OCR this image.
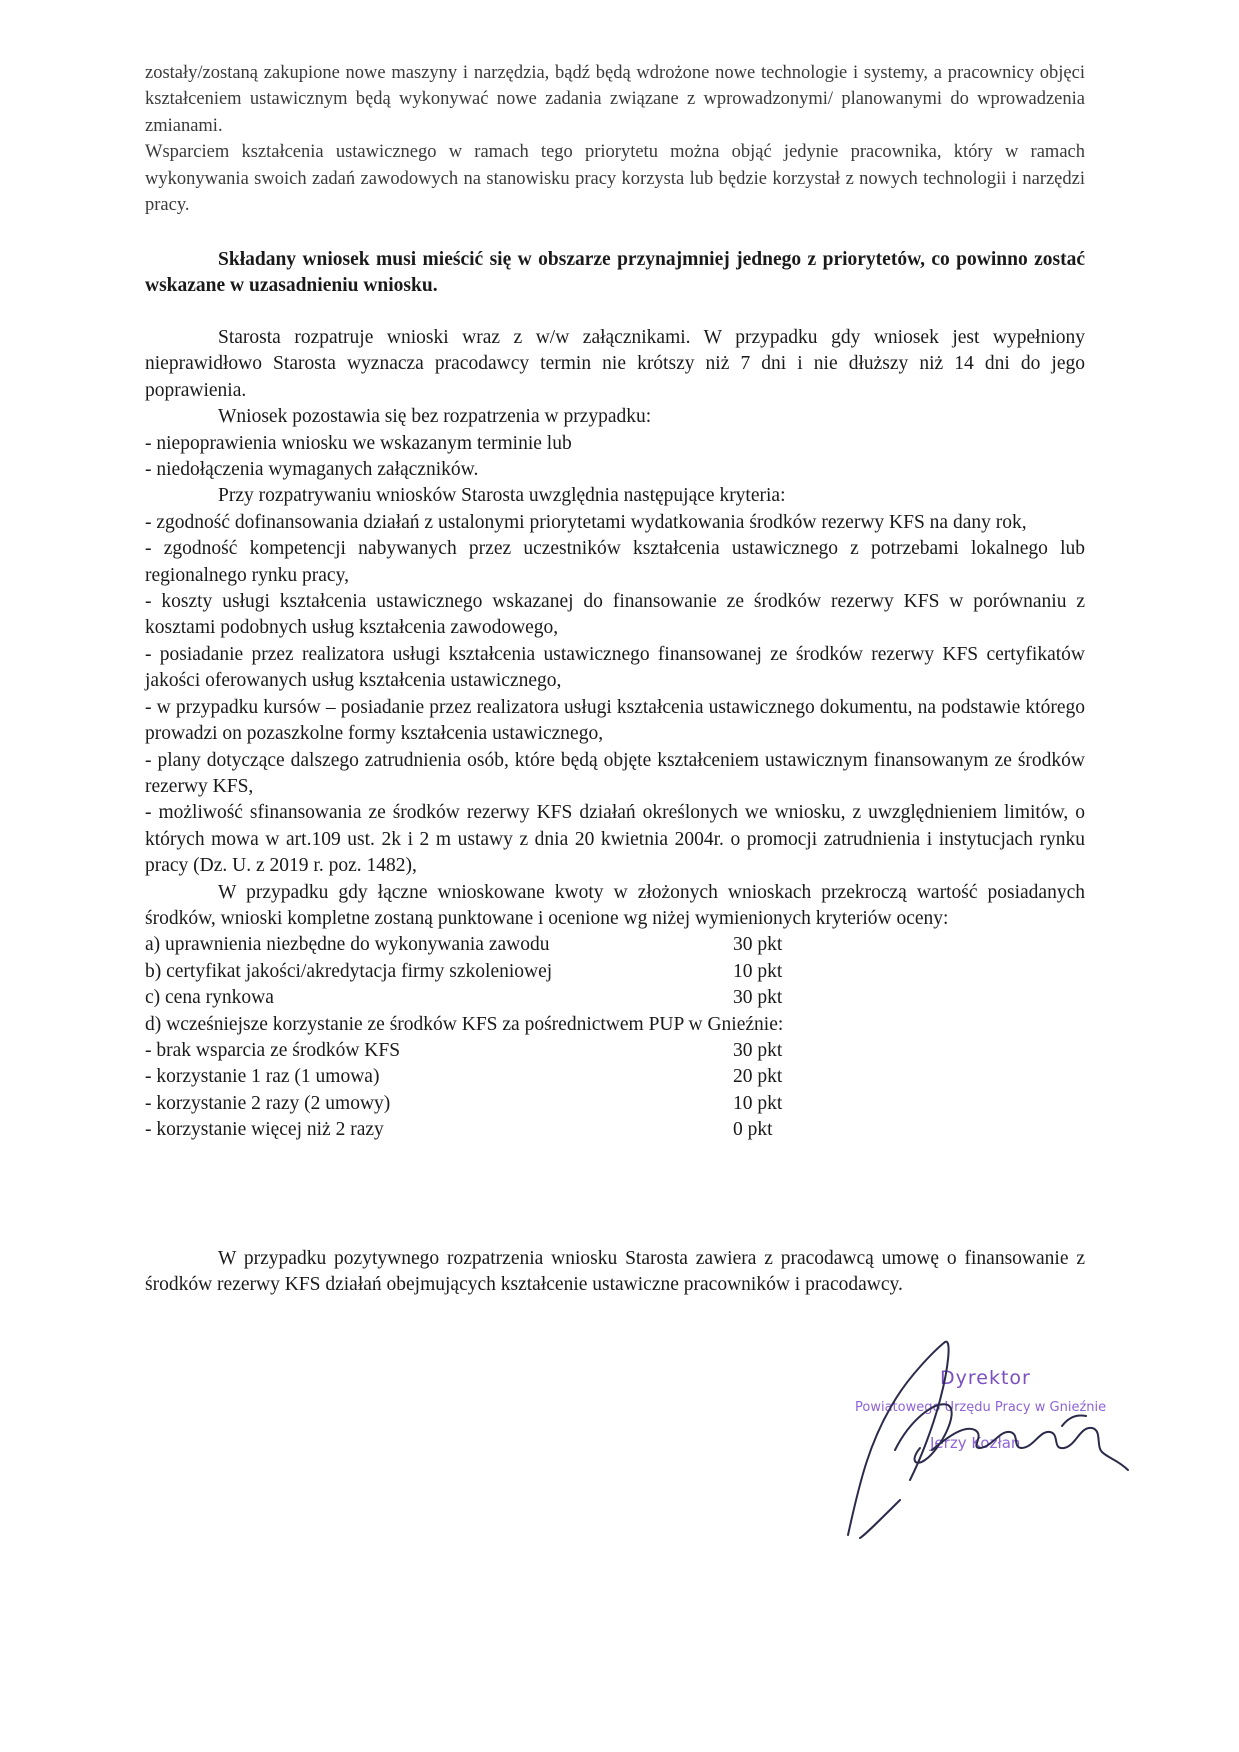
zostały/zostaną zakupione nowe maszyny i narzędzia, bądź będą wdrożone nowe technologie i systemy, a pracownicy objęci kształceniem ustawicznym będą wykonywać nowe zadania związane z wprowadzonymi/ planowanymi do wprowadzenia zmianami.

Wsparciem kształcenia ustawicznego w ramach tego priorytetu można objąć jedynie pracownika, który w ramach wykonywania swoich zadań zawodowych na stanowisku pracy korzysta lub będzie korzystał z nowych technologii i narzędzi pracy.

Składany wniosek musi mieścić się w obszarze przynajmniej jednego z priorytetów, co powinno zostać wskazane w uzasadnieniu wniosku.

Starosta rozpatruje wnioski wraz z w/w załącznikami. W przypadku gdy wniosek jest wypełniony nieprawidłowo Starosta wyznacza pracodawcy termin nie krótszy niż 7 dni i nie dłuższy niż 14 dni do jego poprawienia.

Wniosek pozostawia się bez rozpatrzenia w przypadku:

- niepoprawienia wniosku we wskazanym terminie lub

- niedołączenia wymaganych załączników.

Przy rozpatrywaniu wniosków Starosta uwzględnia następujące kryteria:

- zgodność dofinansowania działań z ustalonymi priorytetami wydatkowania środków rezerwy KFS na dany rok,

- zgodność kompetencji nabywanych przez uczestników kształcenia ustawicznego z potrzebami lokalnego lub regionalnego rynku pracy,

- koszty usługi kształcenia ustawicznego wskazanej do finansowanie ze środków rezerwy KFS w porównaniu z kosztami podobnych usług kształcenia zawodowego,

- posiadanie przez realizatora usługi kształcenia ustawicznego finansowanej ze środków rezerwy KFS certyfikatów jakości oferowanych usług kształcenia ustawicznego,

- w przypadku kursów – posiadanie przez realizatora usługi kształcenia ustawicznego dokumentu, na podstawie którego prowadzi on pozaszkolne formy kształcenia ustawicznego,

- plany dotyczące dalszego zatrudnienia osób, które będą objęte kształceniem ustawicznym finansowanym ze środków rezerwy KFS,

- możliwość sfinansowania ze środków rezerwy KFS działań określonych we wniosku, z uwzględnieniem limitów, o których mowa w art.109 ust. 2k i 2 m ustawy z dnia 20 kwietnia 2004r. o promocji zatrudnienia i instytucjach rynku pracy (Dz. U. z 2019 r. poz. 1482),

W przypadku gdy łączne wnioskowane kwoty w złożonych wnioskach przekroczą wartość posiadanych środków, wnioski kompletne zostaną punktowane i ocenione wg niżej wymienionych kryteriów oceny:

a) uprawnienia niezbędne do wykonywania zawodu	30 pkt
b) certyfikat jakości/akredytacja firmy szkoleniowej	10 pkt
c) cena rynkowa	30 pkt
d) wcześniejsze korzystanie ze środków KFS za pośrednictwem PUP w Gnieźnie:
- brak wsparcia ze środków KFS	30 pkt
- korzystanie 1 raz (1 umowa)	20 pkt
- korzystanie 2 razy (2 umowy)	10 pkt
- korzystanie więcej niż 2 razy	0 pkt

W przypadku pozytywnego rozpatrzenia wniosku Starosta zawiera z pracodawcą umowę o finansowanie z środków rezerwy KFS działań obejmujących kształcenie ustawiczne pracowników i pracodawcy.

Dyrektor
Powiatowego Urzędu Pracy w Gnieźnie
Jerzy Kozłan
